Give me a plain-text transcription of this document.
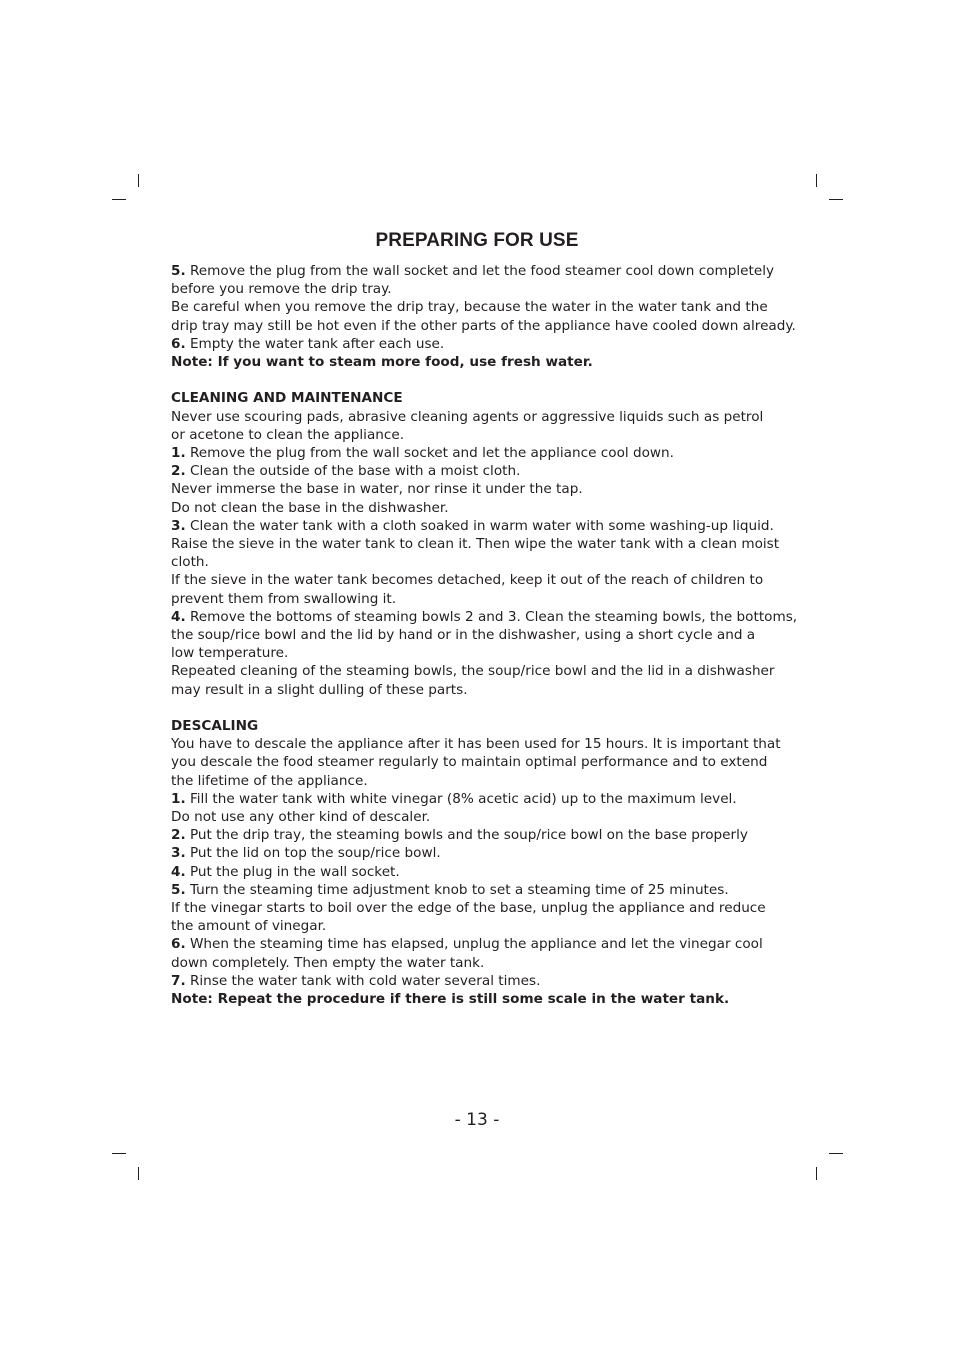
PREPARING FOR USE

5. Remove the plug from the wall socket and let the food steamer cool down completely

before you remove the drip tray.

Be careful when you remove the drip tray, because the water in the water tank and the

drip tray may still be hot even if the other parts of the appliance have cooled down already.

6. Empty the water tank after each use.

Note: If you want to steam more food, use fresh water.

CLEANING AND MAINTENANCE

Never use scouring pads, abrasive cleaning agents or aggressive liquids such as petrol

or acetone to clean the appliance.

1. Remove the plug from the wall socket and let the appliance cool down.

2. Clean the outside of the base with a moist cloth.

Never immerse the base in water, nor rinse it under the tap.

Do not clean the base in the dishwasher.

3. Clean the water tank with a cloth soaked in warm water with some washing-up liquid.

Raise the sieve in the water tank to clean it. Then wipe the water tank with a clean moist

cloth.

If the sieve in the water tank becomes detached, keep it out of the reach of children to

prevent them from swallowing it.

4. Remove the bottoms of steaming bowls 2 and 3. Clean the steaming bowls, the bottoms,

the soup/rice bowl and the lid by hand or in the dishwasher, using a short cycle and a

low temperature.

Repeated cleaning of the steaming bowls, the soup/rice bowl and the lid in a dishwasher

may result in a slight dulling of these parts.

DESCALING

You have to descale the appliance after it has been used for 15 hours. It is important that

you descale the food steamer regularly to maintain optimal performance and to extend

the lifetime of the appliance.

1. Fill the water tank with white vinegar (8% acetic acid) up to the maximum level.

Do not use any other kind of descaler.

2. Put the drip tray, the steaming bowls and the soup/rice bowl on the base properly

3. Put the lid on top the soup/rice bowl.

4. Put the plug in the wall socket.

5. Turn the steaming time adjustment knob to set a steaming time of 25 minutes.

If the vinegar starts to boil over the edge of the base, unplug the appliance and reduce

the amount of vinegar.

6. When the steaming time has elapsed, unplug the appliance and let the vinegar cool

down completely. Then empty the water tank.

7. Rinse the water tank with cold water several times.

Note: Repeat the procedure if there is still some scale in the water tank.

- 13 -
